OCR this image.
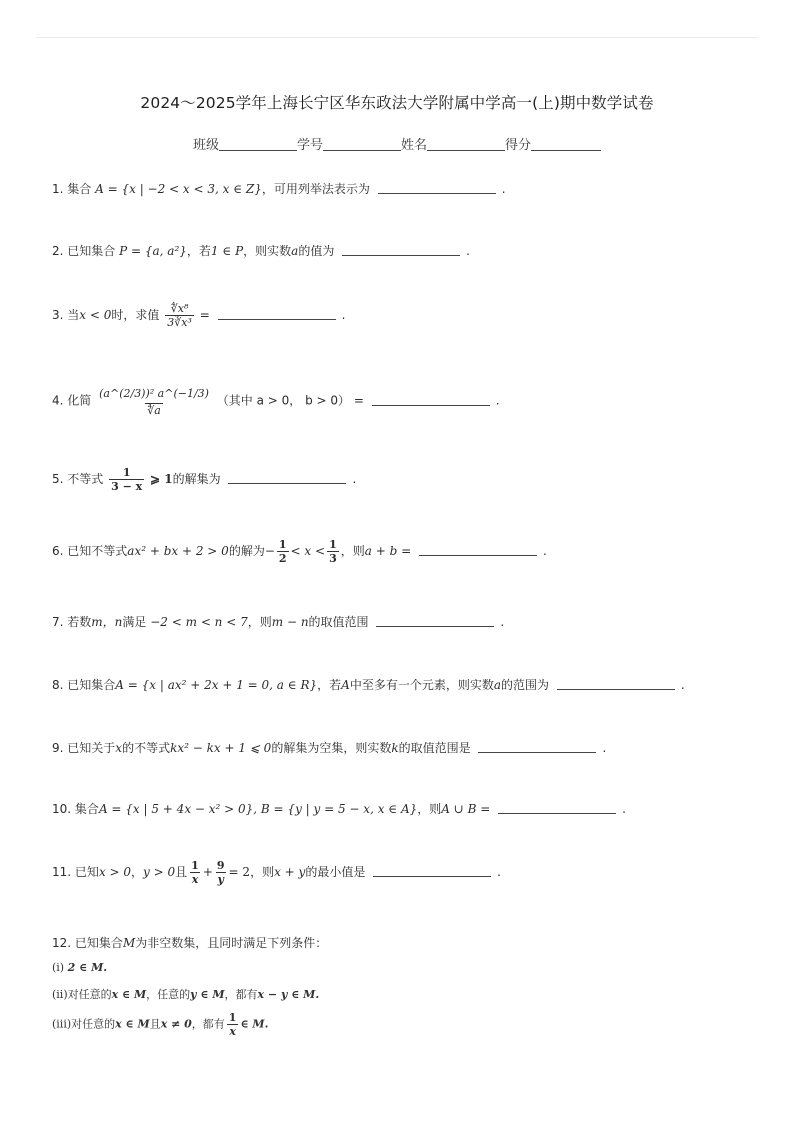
2024～2025学年上海长宁区华东政法大学附属中学高一(上)期中数学试卷
班级	学号	姓名	得分
1. 集合 A = {x | −2 < x < 3, x ∈ Z}，可用列举法表示为	.
2. 已知集合 P = {a, a²}，若1 ∈ P，则实数a的值为	.
3. 当x < 0时，求值 $\frac{\text{∜x⁸}}{\text{3∛x³}}$ =	.
4. 化简 $\frac{\text{(a\textasciicircum{}(2/3))² a\textasciicircum{}(−1/3)}}{∜a}$ （其中 a > 0， b > 0） =	.
5. 不等式 $\frac{1}{3 - x}$ ⩾ 1的解集为	.
6. 已知不等式ax² + bx + 2 > 0的解为− $\frac{1}{2} < x < \frac{1}{3}$ ，则a + b =	.
7. 若数m，n满足 −2 < m < n < 7，则m − n的取值范围	.
8. 已知集合A = {x | ax² + 2x + 1 = 0, a ∈ R}，若A中至多有一个元素，则实数a的范围为	.
9. 已知关于x的不等式kx² − kx + 1 ⩽ 0的解集为空集，则实数k的取值范围是	.
10. 集合A = {x | 5 + 4x − x² > 0}, B = {y | y = 5 − x, x ∈ A}，则A ∪ B =	.
11. 已知x > 0，y > 0且 $\frac{1}{x} + \frac{9}{y} = 2$，则x + y的最小值是	.
12. 已知集合M为非空数集，且同时满足下列条件：
(i) 2 ∈ M.
(ii)对任意的x ∈ M，任意的y ∈ M，都有x − y ∈ M.
(iii)对任意的x ∈ M且x ≠ 0，都有 $\frac{1}{x}$ ∈ M.
